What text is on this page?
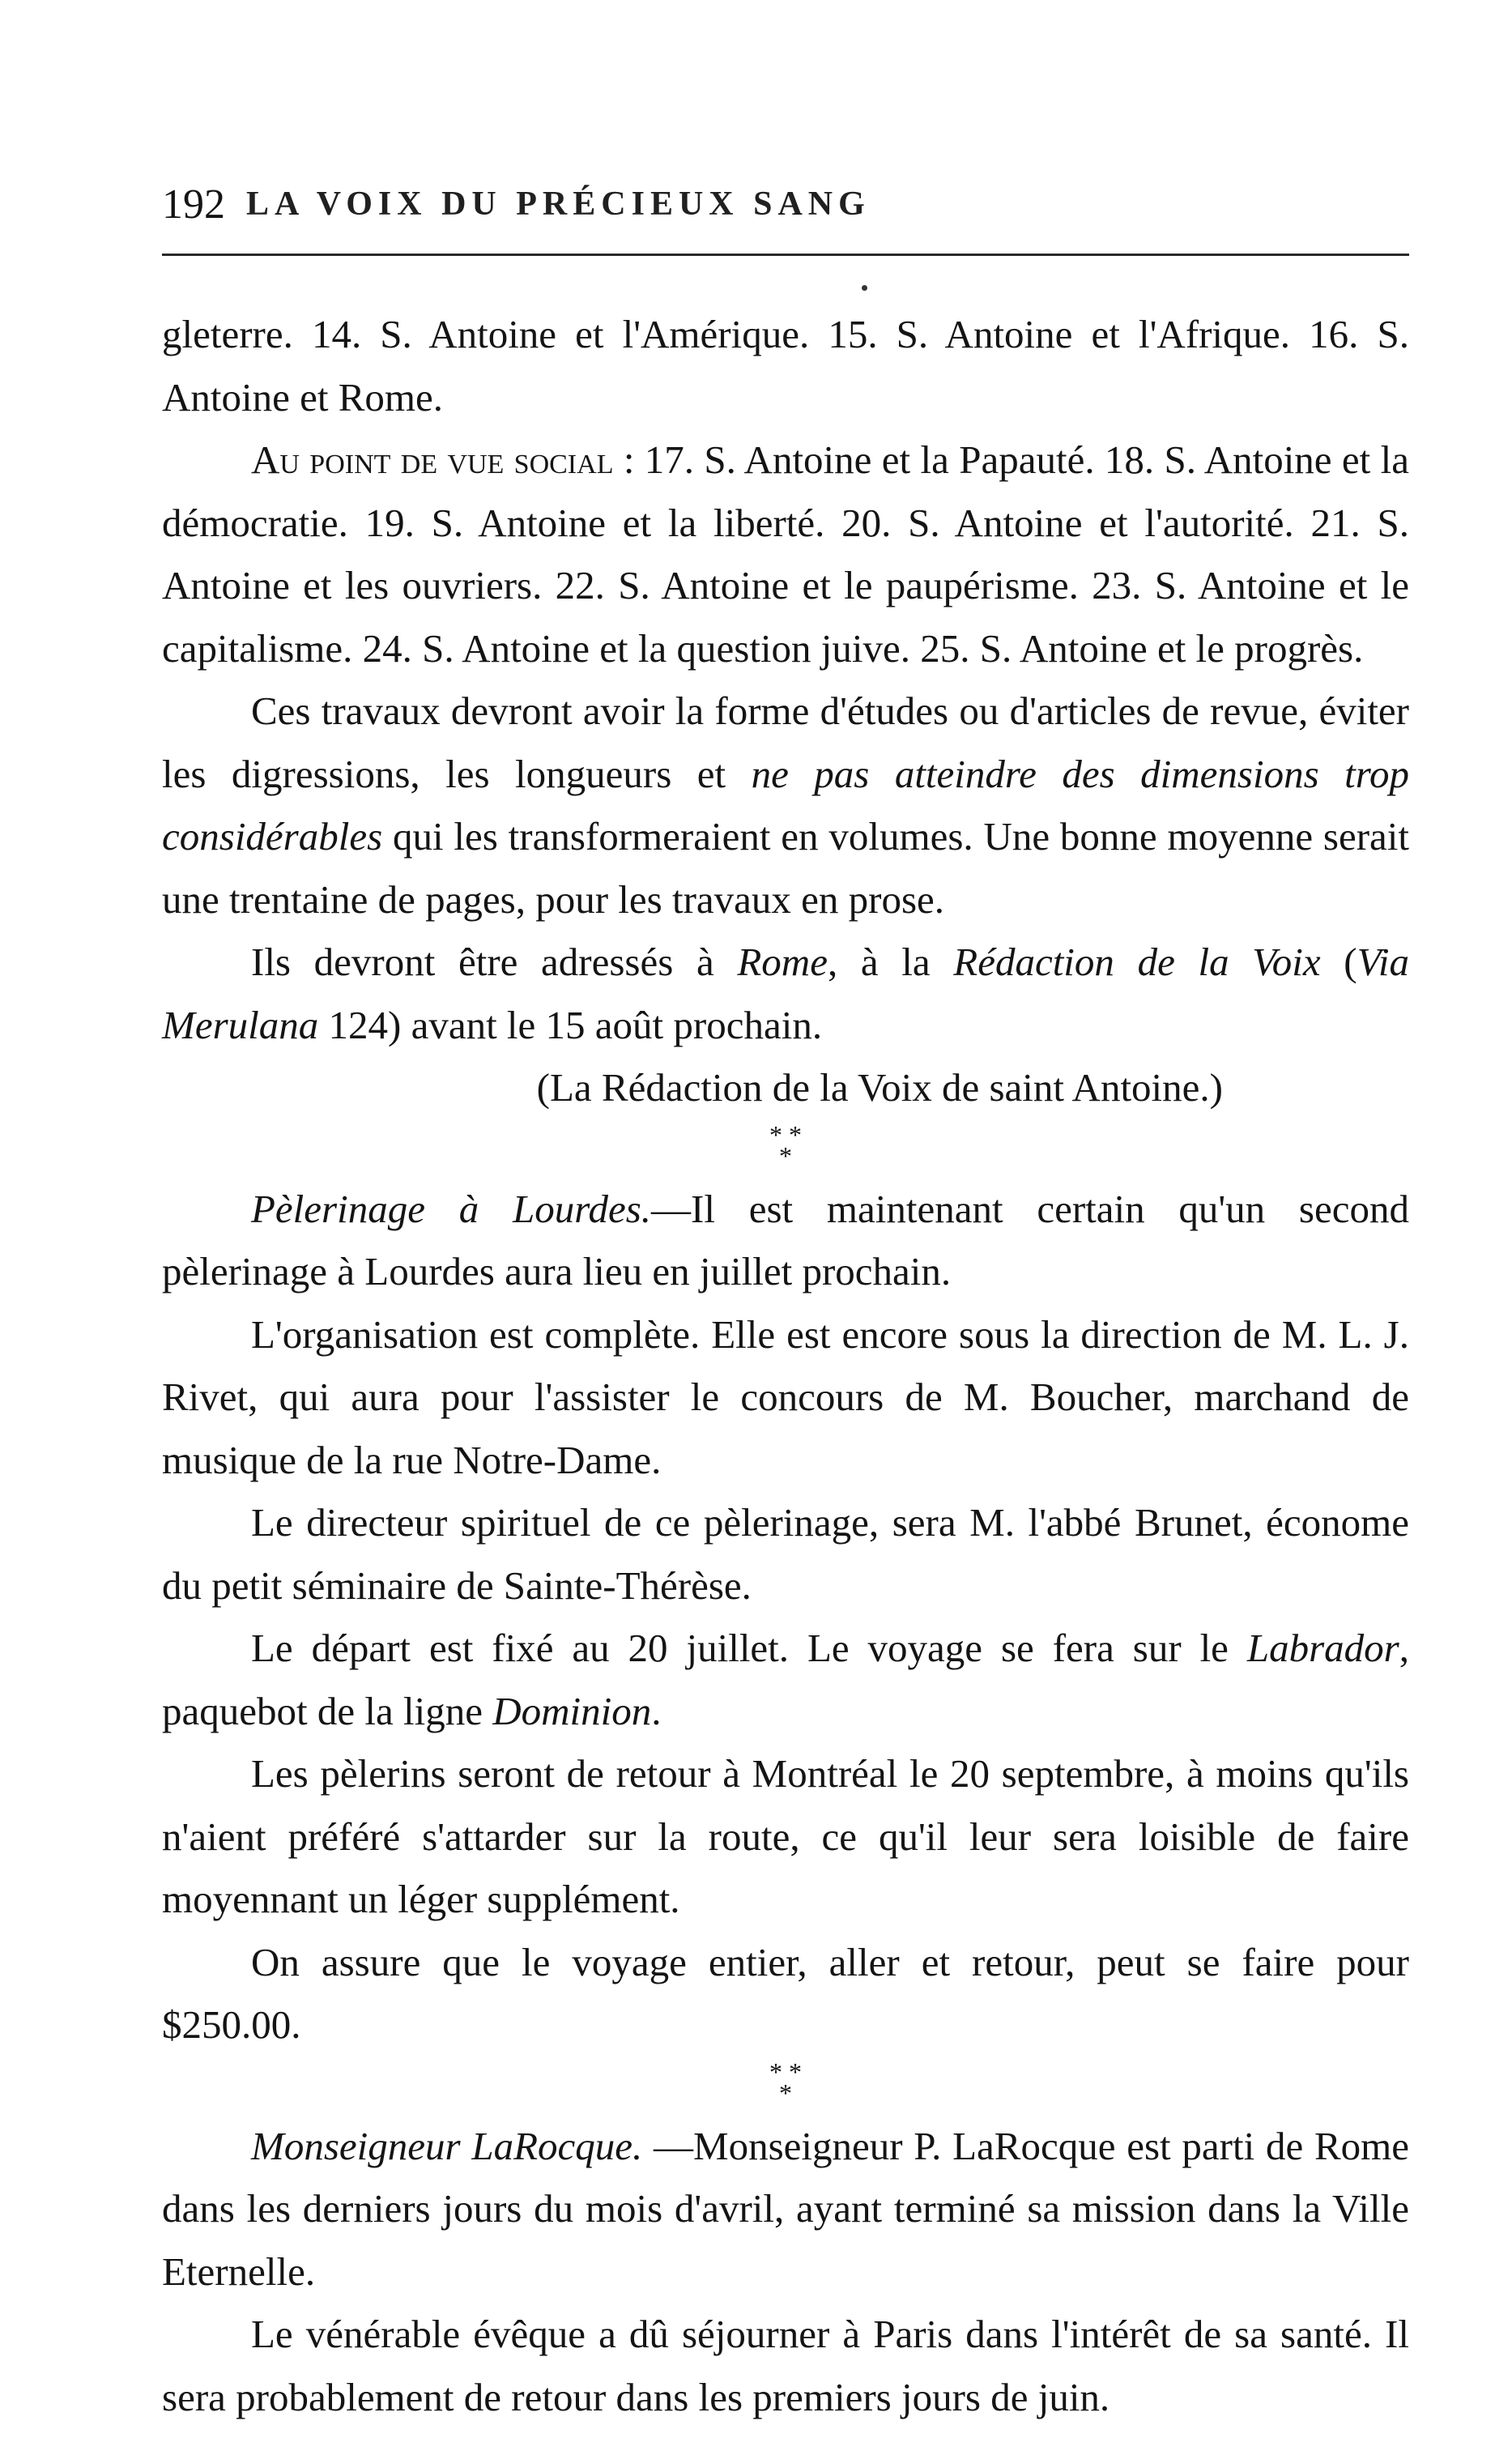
192 LA VOIX DU PRÉCIEUX SANG

gleterre. 14. S. Antoine et l'Amérique. 15. S. Antoine et l'Afrique. 16. S. Antoine et Rome.

Au point de vue social : 17. S. Antoine et la Papauté. 18. S. Antoine et la démocratie. 19. S. Antoine et la liberté. 20. S. Antoine et l'autorité. 21. S. Antoine et les ouvriers. 22. S. Antoine et le paupérisme. 23. S. Antoine et le capitalisme. 24. S. Antoine et la question juive. 25. S. Antoine et le progrès.

Ces travaux devront avoir la forme d'études ou d'articles de revue, éviter les digressions, les longueurs et ne pas atteindre des dimensions trop considérables qui les transformeraient en volumes. Une bonne moyenne serait une trentaine de pages, pour les travaux en prose.

Ils devront être adressés à Rome, à la Rédaction de la Voix (Via Merulana 124) avant le 15 août prochain.

(La Rédaction de la Voix de saint Antoine.)

* *
*

Pèlerinage à Lourdes.—Il est maintenant certain qu'un second pèlerinage à Lourdes aura lieu en juillet prochain.

L'organisation est complète. Elle est encore sous la direction de M. L. J. Rivet, qui aura pour l'assister le concours de M. Boucher, marchand de musique de la rue Notre-Dame.

Le directeur spirituel de ce pèlerinage, sera M. l'abbé Brunet, économe du petit séminaire de Sainte-Thérèse.

Le départ est fixé au 20 juillet. Le voyage se fera sur le Labrador, paquebot de la ligne Dominion.

Les pèlerins seront de retour à Montréal le 20 septembre, à moins qu'ils n'aient préféré s'attarder sur la route, ce qu'il leur sera loisible de faire moyennant un léger supplément.

On assure que le voyage entier, aller et retour, peut se faire pour $250.00.

* *
*

Monseigneur LaRocque. —Monseigneur P. LaRocque est parti de Rome dans les derniers jours du mois d'avril, ayant terminé sa mission dans la Ville Eternelle.

Le vénérable évêque a dû séjourner à Paris dans l'intérêt de sa santé. Il sera probablement de retour dans les premiers jours de juin.
